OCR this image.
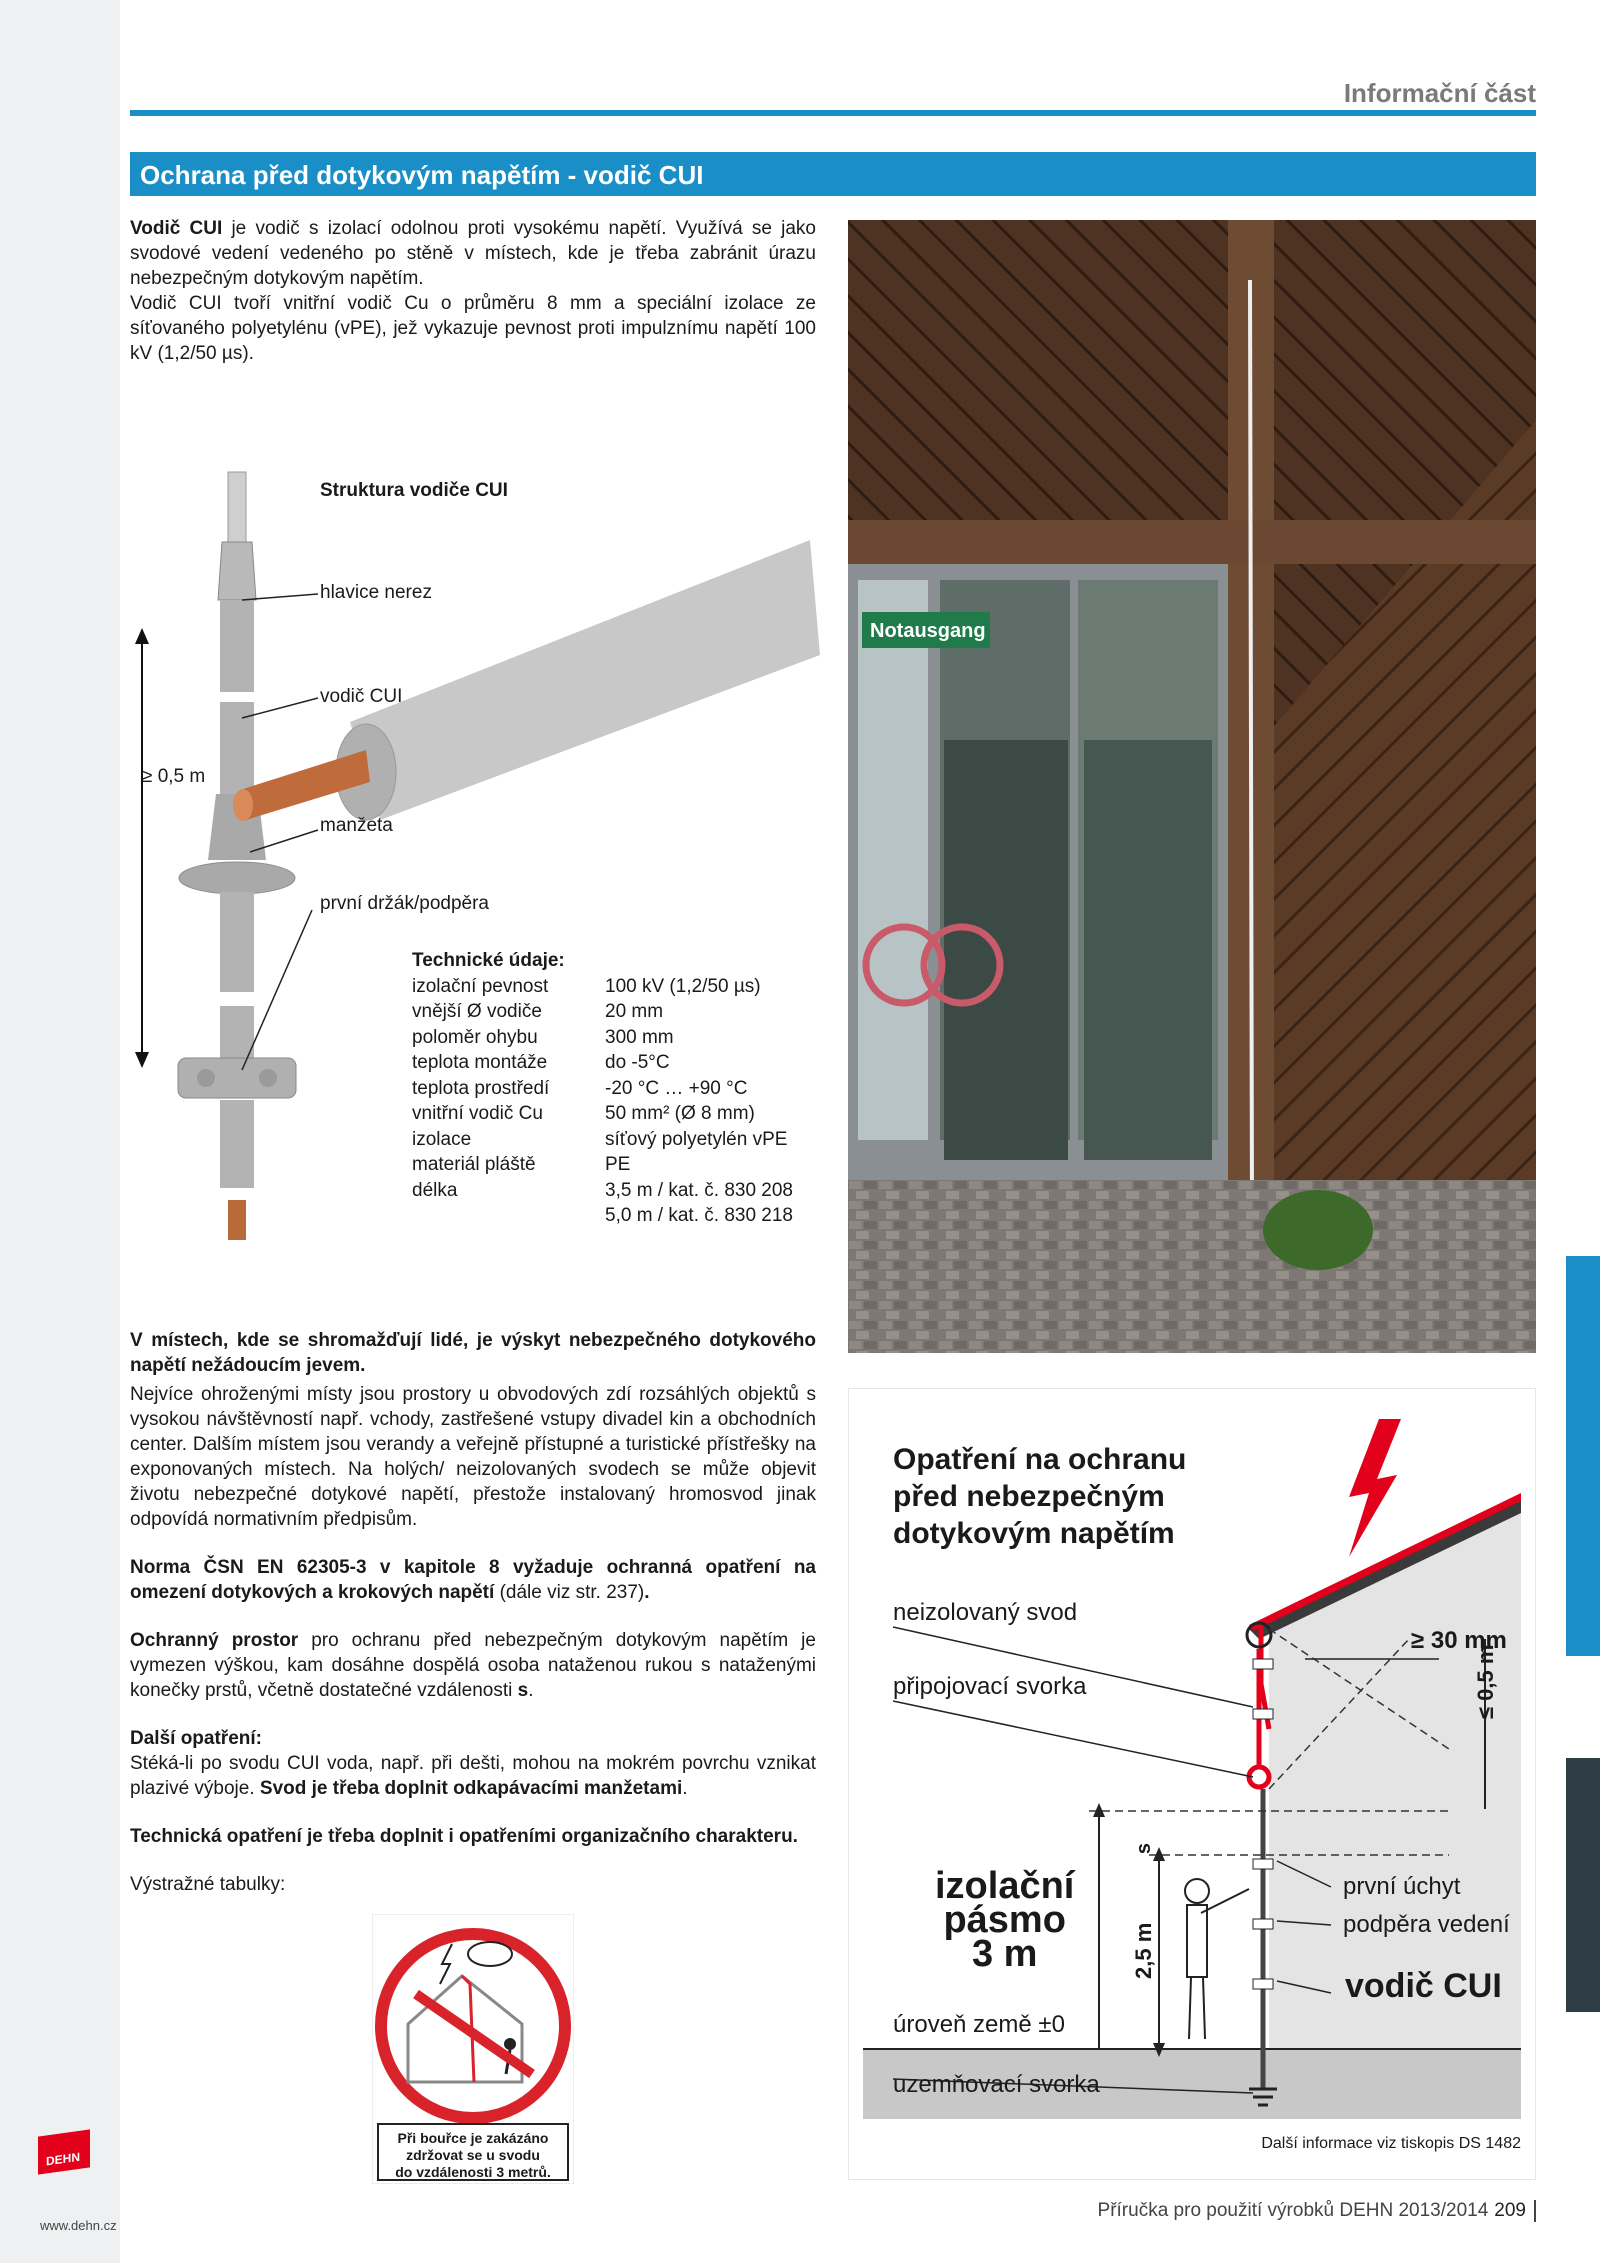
Informační část
Ochrana před dotykovým napětím - vodič CUI

Vodič CUI je vodič s izolací odolnou proti vysokému napětí. Využívá se jako svodové vedení vedeného po stěně v místech, kde je třeba zabránit úrazu nebezpečným dotykovým napětím.

Vodič CUI tvoří vnitřní vodič Cu o průměru 8 mm a speciální izolace ze síťovaného polyetylénu (vPE), jež vykazuje pevnost proti impulznímu napětí 100 kV (1,2/50 µs).

Notausgang
Struktura vodiče CUI
hlavice nerez
vodič CUI
manžeta
první držák/podpěra
≥ 0,5 m
Technické údaje:
izolační pevnost	100 kV (1,2/50 µs)
vnější Ø vodiče	20 mm
poloměr ohybu	300 mm
teplota montáže	do -5°C
teplota prostředí	-20 °C … +90 °C
vnitřní vodič Cu	50 mm² (Ø 8 mm)
izolace	síťový polyetylén vPE
materiál pláště	PE
délka	3,5 m / kat. č. 830 208
	5,0 m / kat. č. 830 218

V místech, kde se shromažďují lidé, je výskyt nebezpečného dotykového napětí nežádoucím jevem.

Nejvíce ohroženými místy jsou prostory u obvodových zdí rozsáhlých objektů s vysokou návštěvností např. vchody, zastřešené vstupy divadel kin a obchodních center. Dalším místem jsou verandy a veřejně přístupné a turistické přístřešky na exponovaných místech. Na holých/ neizolovaných svodech se může objevit životu nebezpečné dotykové napětí, přestože instalovaný hromosvod jinak odpovídá normativním předpisům.

Norma ČSN EN 62305-3 v kapitole 8 vyžaduje ochranná opatření na omezení dotykových a krokových napětí (dále viz str. 237).

Ochranný prostor pro ochranu před nebezpečným dotykovým napětím je vymezen výškou, kam dosáhne dospělá osoba nataženou rukou s nataženými konečky prstů, včetně dostatečné vzdálenosti s.

Další opatření:
Stéká-li po svodu CUI voda, např. při dešti, mohou na mokrém povrchu vznikat plazivé výboje. Svod je třeba doplnit odkapávacími manžetami.

Technická opatření je třeba doplnit i opatřeními organizačního charakteru.

Výstražné tabulky:

Při bouřce je zakázáno
zdržovat se u svodu
do vzdálenosti 3 metrů.
Opatření na ochranu
před nebezpečným
dotykovým napětím
neizolovaný svod
připojovací svorka
≥ 30 mm
≤ 0,5 m
s
izolační
pásmo
3 m	2,5 m
první úchyt
podpěra vedení
vodič CUI
úroveň země ±0
uzemňovací svorka
Další informace viz tiskopis DS 1482
DEHN
www.dehn.cz
Příručka pro použití výrobků DEHN 2013/2014 209
